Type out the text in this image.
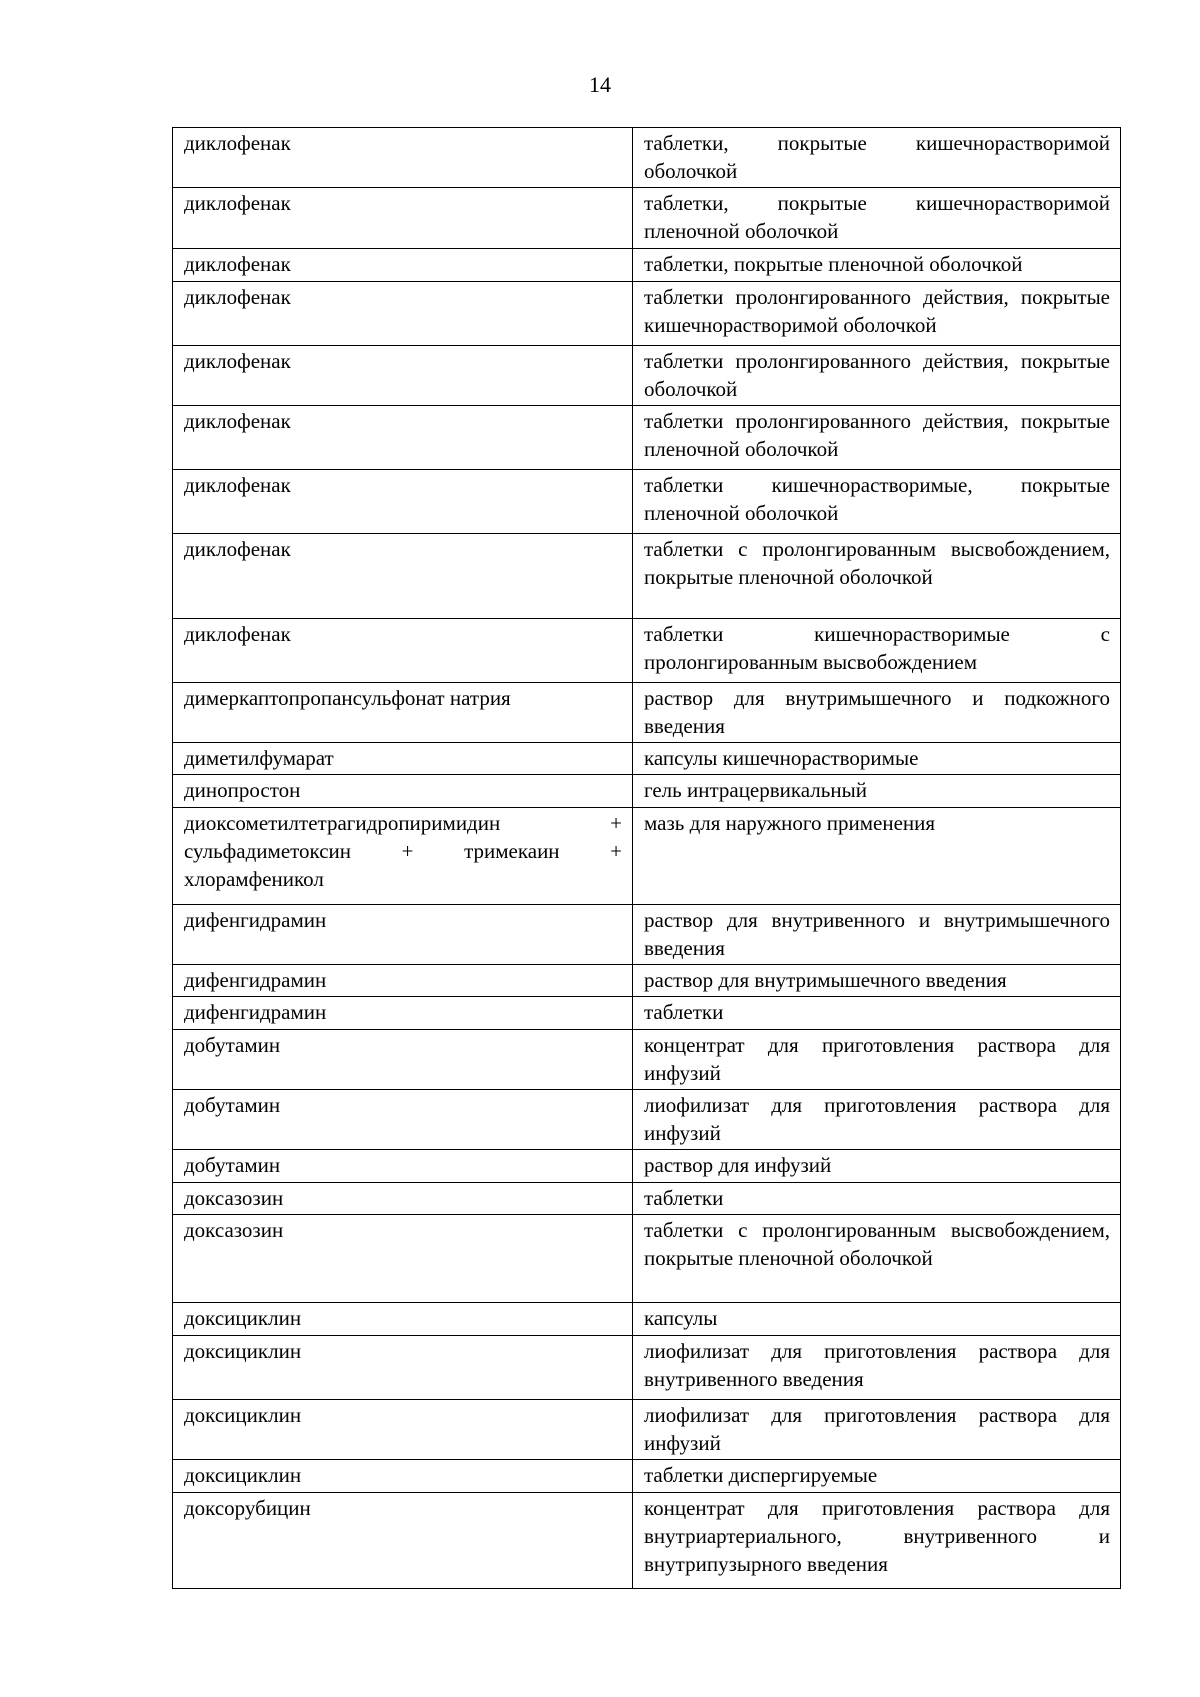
14
диклофенак	таблетки, покрытые кишечнорастворимой оболочкой
диклофенак	таблетки, покрытые кишечнорастворимой пленочной оболочкой
диклофенак	таблетки, покрытые пленочной оболочкой
диклофенак	таблетки пролонгированного действия, покрытые кишечнорастворимой оболочкой
диклофенак	таблетки пролонгированного действия, покрытые оболочкой
диклофенак	таблетки пролонгированного действия, покрытые пленочной оболочкой
диклофенак	таблетки кишечнорастворимые, покрытые пленочной оболочкой
диклофенак	таблетки с пролонгированным высвобождением, покрытые пленочной оболочкой
диклофенак	таблетки кишечнорастворимые с пролонгированным высвобождением
димеркаптопропансульфонат натрия	раствор для внутримышечного и подкожного введения
диметилфумарат	капсулы кишечнорастворимые
динопростон	гель интрацервикальный
диоксометилтетрагидропиримидин + сульфадиметоксин + тримекаин + хлорамфеникол	мазь для наружного применения
дифенгидрамин	раствор для внутривенного и внутримышечного введения
дифенгидрамин	раствор для внутримышечного введения
дифенгидрамин	таблетки
добутамин	концентрат для приготовления раствора для инфузий
добутамин	лиофилизат для приготовления раствора для инфузий
добутамин	раствор для инфузий
доксазозин	таблетки
доксазозин	таблетки с пролонгированным высвобождением, покрытые пленочной оболочкой
доксициклин	капсулы
доксициклин	лиофилизат для приготовления раствора для внутривенного введения
доксициклин	лиофилизат для приготовления раствора для инфузий
доксициклин	таблетки диспергируемые
доксорубицин	концентрат для приготовления раствора для внутриартериального, внутривенного и внутрипузырного введения
